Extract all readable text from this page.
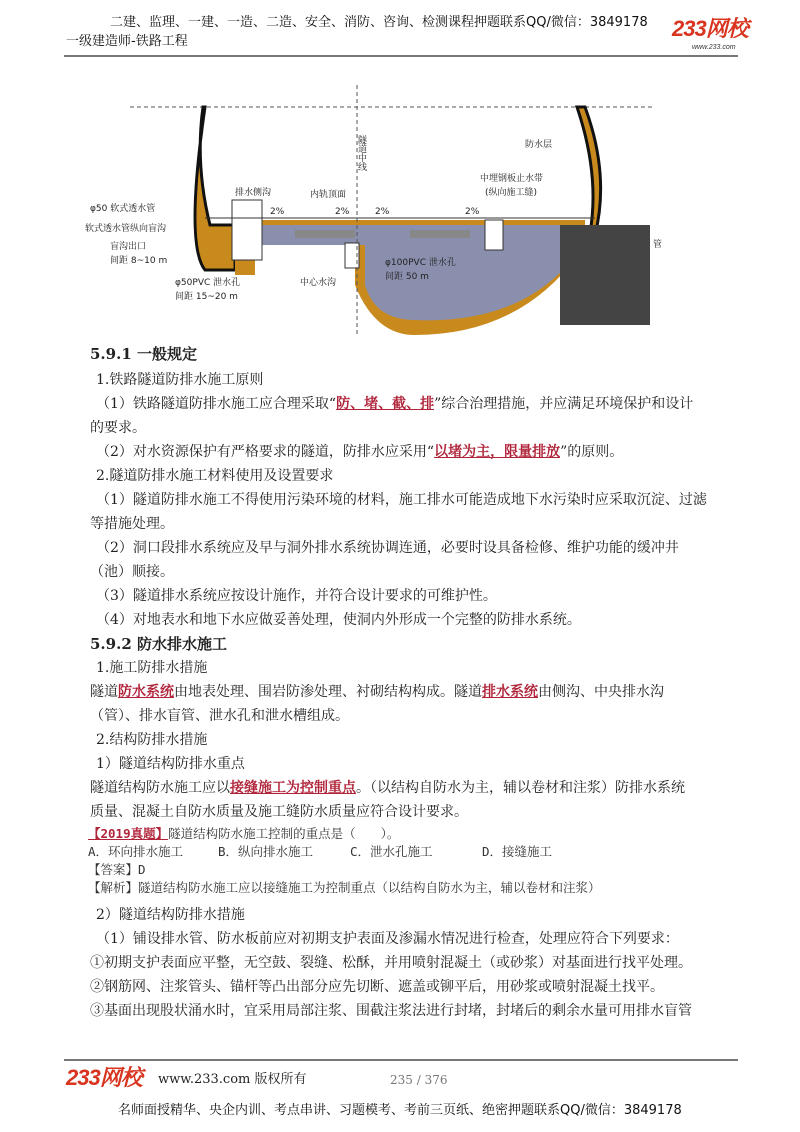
二建、监理、一建、一造、二造、安全、消防、咨询、检测课程押题联系QQ/微信：3849178
一级建造师-铁路工程
233网校
www.233.com
隧道中线	防水层
中埋钢板止水带
(纵向施工缝)
排水侧沟	内轨顶面
φ50 软式透水管
软式透水管纵向盲沟
盲沟出口
间距 8~10 m
φ50PVC 泄水孔
间距 15~20 m
中心水沟
φ100PVC 泄水孔
间距 50 m
2%	2%	2%	2%
管
5.9.1 一般规定
1.铁路隧道防排水施工原则
（1）铁路隧道防排水施工应合理采取“防、堵、截、排”综合治理措施，并应满足环境保护和设计
的要求。
（2）对水资源保护有严格要求的隧道，防排水应采用“以堵为主，限量排放”的原则。
2.隧道防排水施工材料使用及设置要求
（1）隧道防排水施工不得使用污染环境的材料，施工排水可能造成地下水污染时应采取沉淀、过滤
等措施处理。
（2）洞口段排水系统应及早与洞外排水系统协调连通，必要时设具备检修、维护功能的缓冲井
（池）顺接。
（3）隧道排水系统应按设计施作，并符合设计要求的可维护性。
（4）对地表水和地下水应做妥善处理，使洞内外形成一个完整的防排水系统。
5.9.2 防水排水施工
1.施工防排水措施
隧道防水系统由地表处理、围岩防渗处理、衬砌结构构成。隧道排水系统由侧沟、中央排水沟
（管）、排水盲管、泄水孔和泄水槽组成。
2.结构防排水措施
1）隧道结构防排水重点
隧道结构防水施工应以接缝施工为控制重点。（以结构自防水为主，辅以卷材和注浆）防排水系统
质量、混凝土自防水质量及施工缝防水质量应符合设计要求。
【2019真题】隧道结构防水施工控制的重点是（　　）。
A．环向排水施工	B．纵向排水施工	C．泄水孔施工	D．接缝施工
【答案】D
【解析】隧道结构防水施工应以接缝施工为控制重点（以结构自防水为主，辅以卷材和注浆）
2）隧道结构防排水措施
（1）铺设排水管、防水板前应对初期支护表面及渗漏水情况进行检查，处理应符合下列要求：
①初期支护表面应平整，无空鼓、裂缝、松酥，并用喷射混凝土（或砂浆）对基面进行找平处理。
②钢筋网、注浆管头、锚杆等凸出部分应先切断、遮盖或铆平后，用砂浆或喷射混凝土找平。
③基面出现股状涌水时，宜采用局部注浆、围截注浆法进行封堵，封堵后的剩余水量可用排水盲管
233网校 www.233.com 版权所有	235 / 376
名师面授精华、央企内训、考点串讲、习题模考、考前三页纸、绝密押题联系QQ/微信：3849178
